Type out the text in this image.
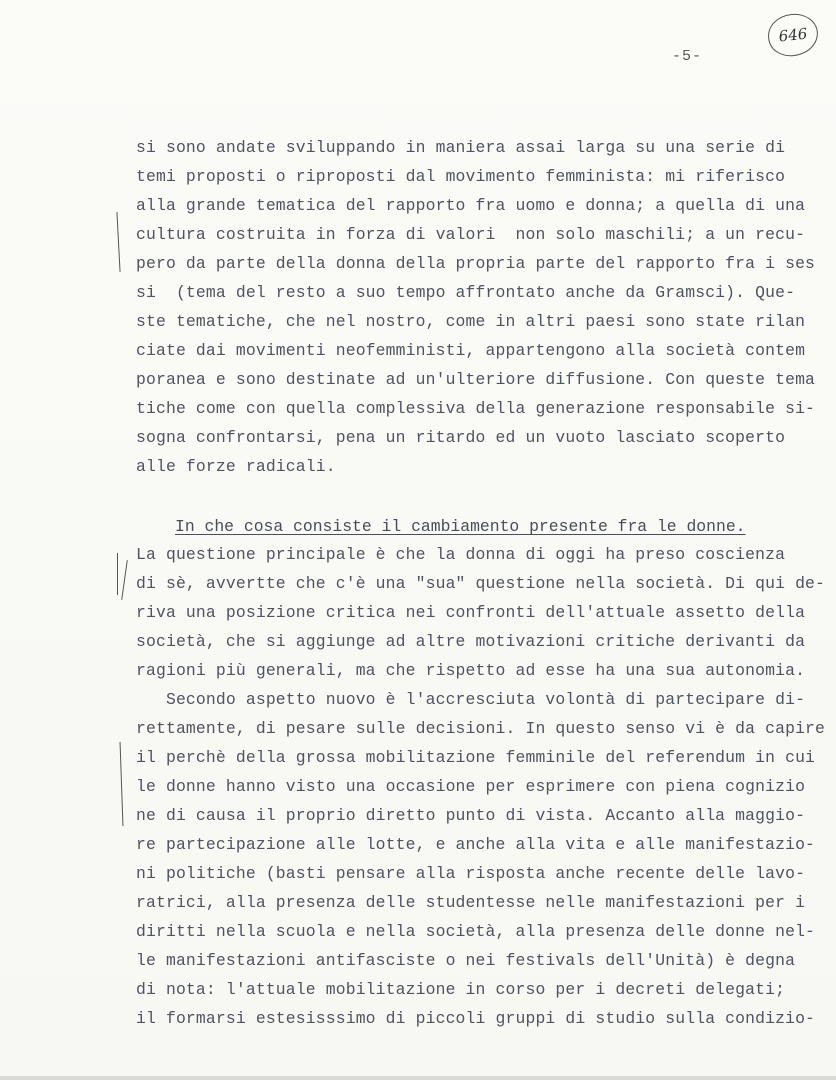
646
-5-
si sono andate sviluppando in maniera assai larga su una serie di
temi proposti o riproposti dal movimento femminista: mi riferisco
alla grande tematica del rapporto fra uomo e donna; a quella di una
cultura costruita in forza di valori  non solo maschili; a un recu-
pero da parte della donna della propria parte del rapporto fra i ses
si  (tema del resto a suo tempo affrontato anche da Gramsci). Que-
ste tematiche, che nel nostro, come in altri paesi sono state rilan
ciate dai movimenti neofemministi, appartengono alla società contem
poranea e sono destinate ad un'ulteriore diffusione. Con queste tema
tiche come con quella complessiva della generazione responsabile si-
sogna confrontarsi, pena un ritardo ed un vuoto lasciato scoperto
alle forze radicali.
In che cosa consiste il cambiamento presente fra le donne.
La questione principale è che la donna di oggi ha preso coscienza
di sè, avvertte che c'è una "sua" questione nella società. Di qui de-
riva una posizione critica nei confronti dell'attuale assetto della
società, che si aggiunge ad altre motivazioni critiche derivanti da
ragioni più generali, ma che rispetto ad esse ha una sua autonomia.
Secondo aspetto nuovo è l'accresciuta volontà di partecipare di-
rettamente, di pesare sulle decisioni. In questo senso vi è da capire
il perchè della grossa mobilitazione femminile del referendum in cui
le donne hanno visto una occasione per esprimere con piena cognizio
ne di causa il proprio diretto punto di vista. Accanto alla maggio-
re partecipazione alle lotte, e anche alla vita e alle manifestazio-
ni politiche (basti pensare alla risposta anche recente delle lavo-
ratrici, alla presenza delle studentesse nelle manifestazioni per i
diritti nella scuola e nella società, alla presenza delle donne nel-
le manifestazioni antifasciste o nei festivals dell'Unità) è degna
di nota: l'attuale mobilitazione in corso per i decreti delegati;
il formarsi estesisssimo di piccoli gruppi di studio sulla condizio-
